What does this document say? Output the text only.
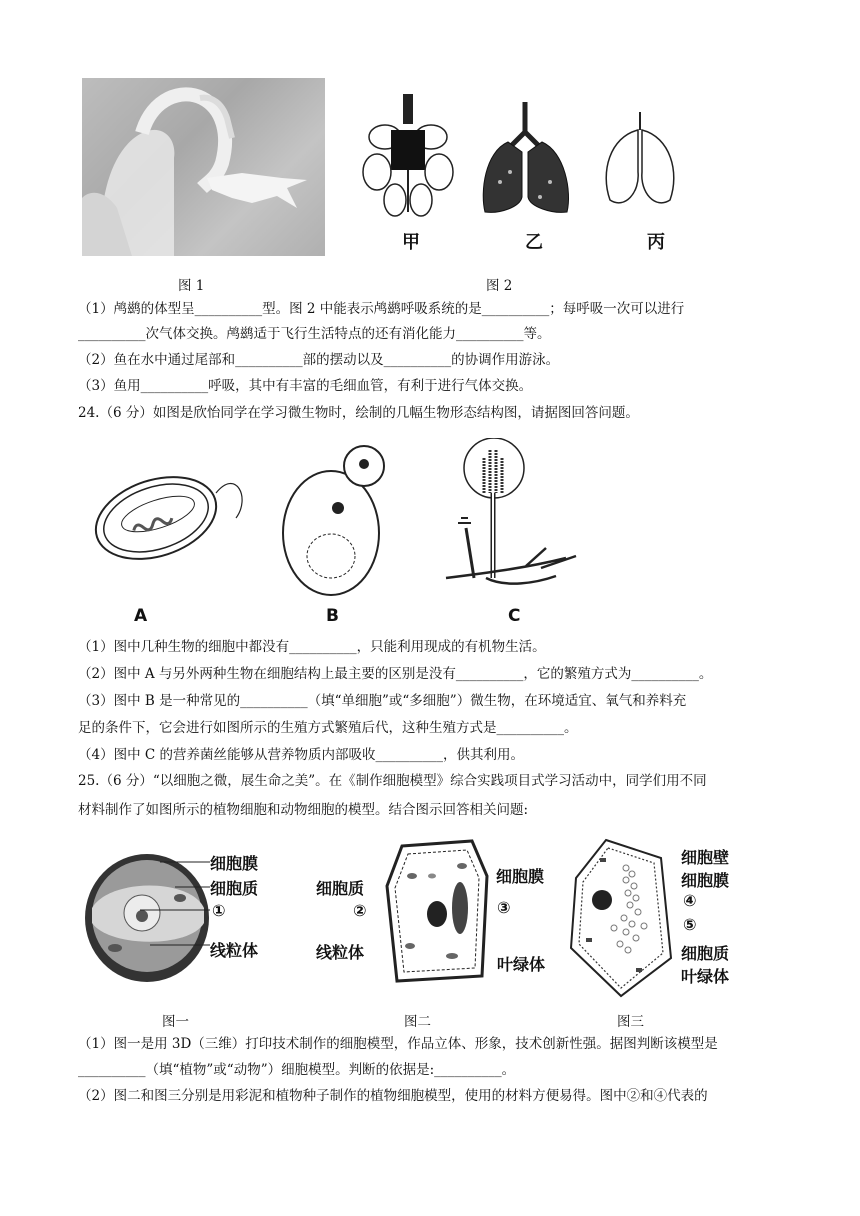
图 1
甲	乙	丙
图 2
（1）鸬鹚的体型呈__________型。图 2 中能表示鸬鹚呼吸系统的是__________；每呼吸一次可以进行
__________次气体交换。鸬鹚适于飞行生活特点的还有消化能力__________等。
（2）鱼在水中通过尾部和__________部的摆动以及__________的协调作用游泳。
（3）鱼用__________呼吸，其中有丰富的毛细血管，有利于进行气体交换。
24.（6 分）如图是欣怡同学在学习微生物时，绘制的几幅生物形态结构图，请据图回答问题。
A	B	C
（1）图中几种生物的细胞中都没有__________，只能利用现成的有机物生活。
（2）图中 A 与另外两种生物在细胞结构上最主要的区别是没有__________，它的繁殖方式为__________。
（3）图中 B 是一种常见的__________（填“单细胞”或“多细胞”）微生物，在环境适宜、氧气和养料充
足的条件下，它会进行如图所示的生殖方式繁殖后代，这种生殖方式是__________。
（4）图中 C 的营养菌丝能够从营养物质内部吸收__________，供其利用。
25.（6 分）“以细胞之微，展生命之美”。在《制作细胞模型》综合实践项目式学习活动中，同学们用不同
材料制作了如图所示的植物细胞和动物细胞的模型。结合图示回答相关问题:
细胞膜
细胞质
①
线粒体
细胞质
细胞膜
②	③
线粒体
叶绿体
细胞壁
细胞膜
④
⑤
细胞质
叶绿体
图一	图二	图三
（1）图一是用 3D（三维）打印技术制作的细胞模型，作品立体、形象，技术创新性强。据图判断该模型是
__________（填“植物”或“动物”）细胞模型。判断的依据是:__________。
（2）图二和图三分别是用彩泥和植物种子制作的植物细胞模型，使用的材料方便易得。图中②和④代表的
